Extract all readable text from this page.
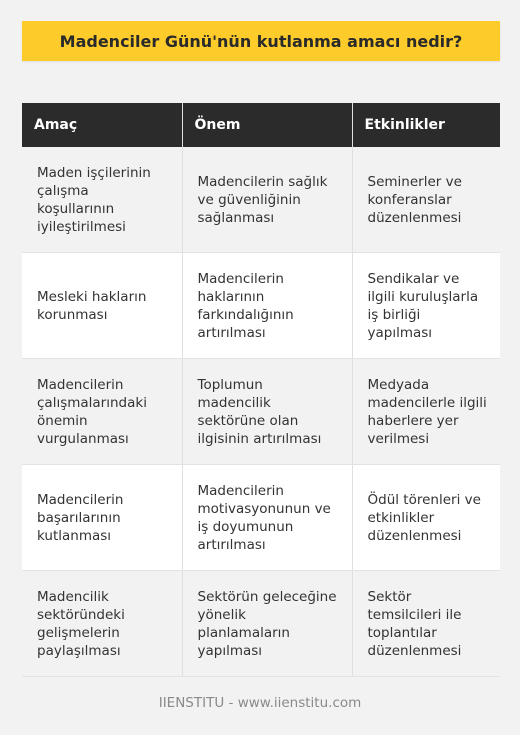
Madenciler Günü'nün kutlanma amacı nedir?
Amaç	Önem	Etkinlikler
Maden işçilerinin çalışma koşullarının iyileştirilmesi	Madencilerin sağlık ve güvenliğinin sağlanması	Seminerler ve konferanslar düzenlenmesi
Mesleki hakların korunması	Madencilerin haklarının farkındalığının artırılması	Sendikalar ve ilgili kuruluşlarla iş birliği yapılması
Madencilerin çalışmalarındaki önemin vurgulanması	Toplumun madencilik sektörüne olan ilgisinin artırılması	Medyada madencilerle ilgili haberlere yer verilmesi
Madencilerin başarılarının kutlanması	Madencilerin motivasyonunun ve iş doyumunun artırılması	Ödül törenleri ve etkinlikler düzenlenmesi
Madencilik sektöründeki gelişmelerin paylaşılması	Sektörün geleceğine yönelik planlamaların yapılması	Sektör temsilcileri ile toplantılar düzenlenmesi
IIENSTITU - www.iienstitu.com
